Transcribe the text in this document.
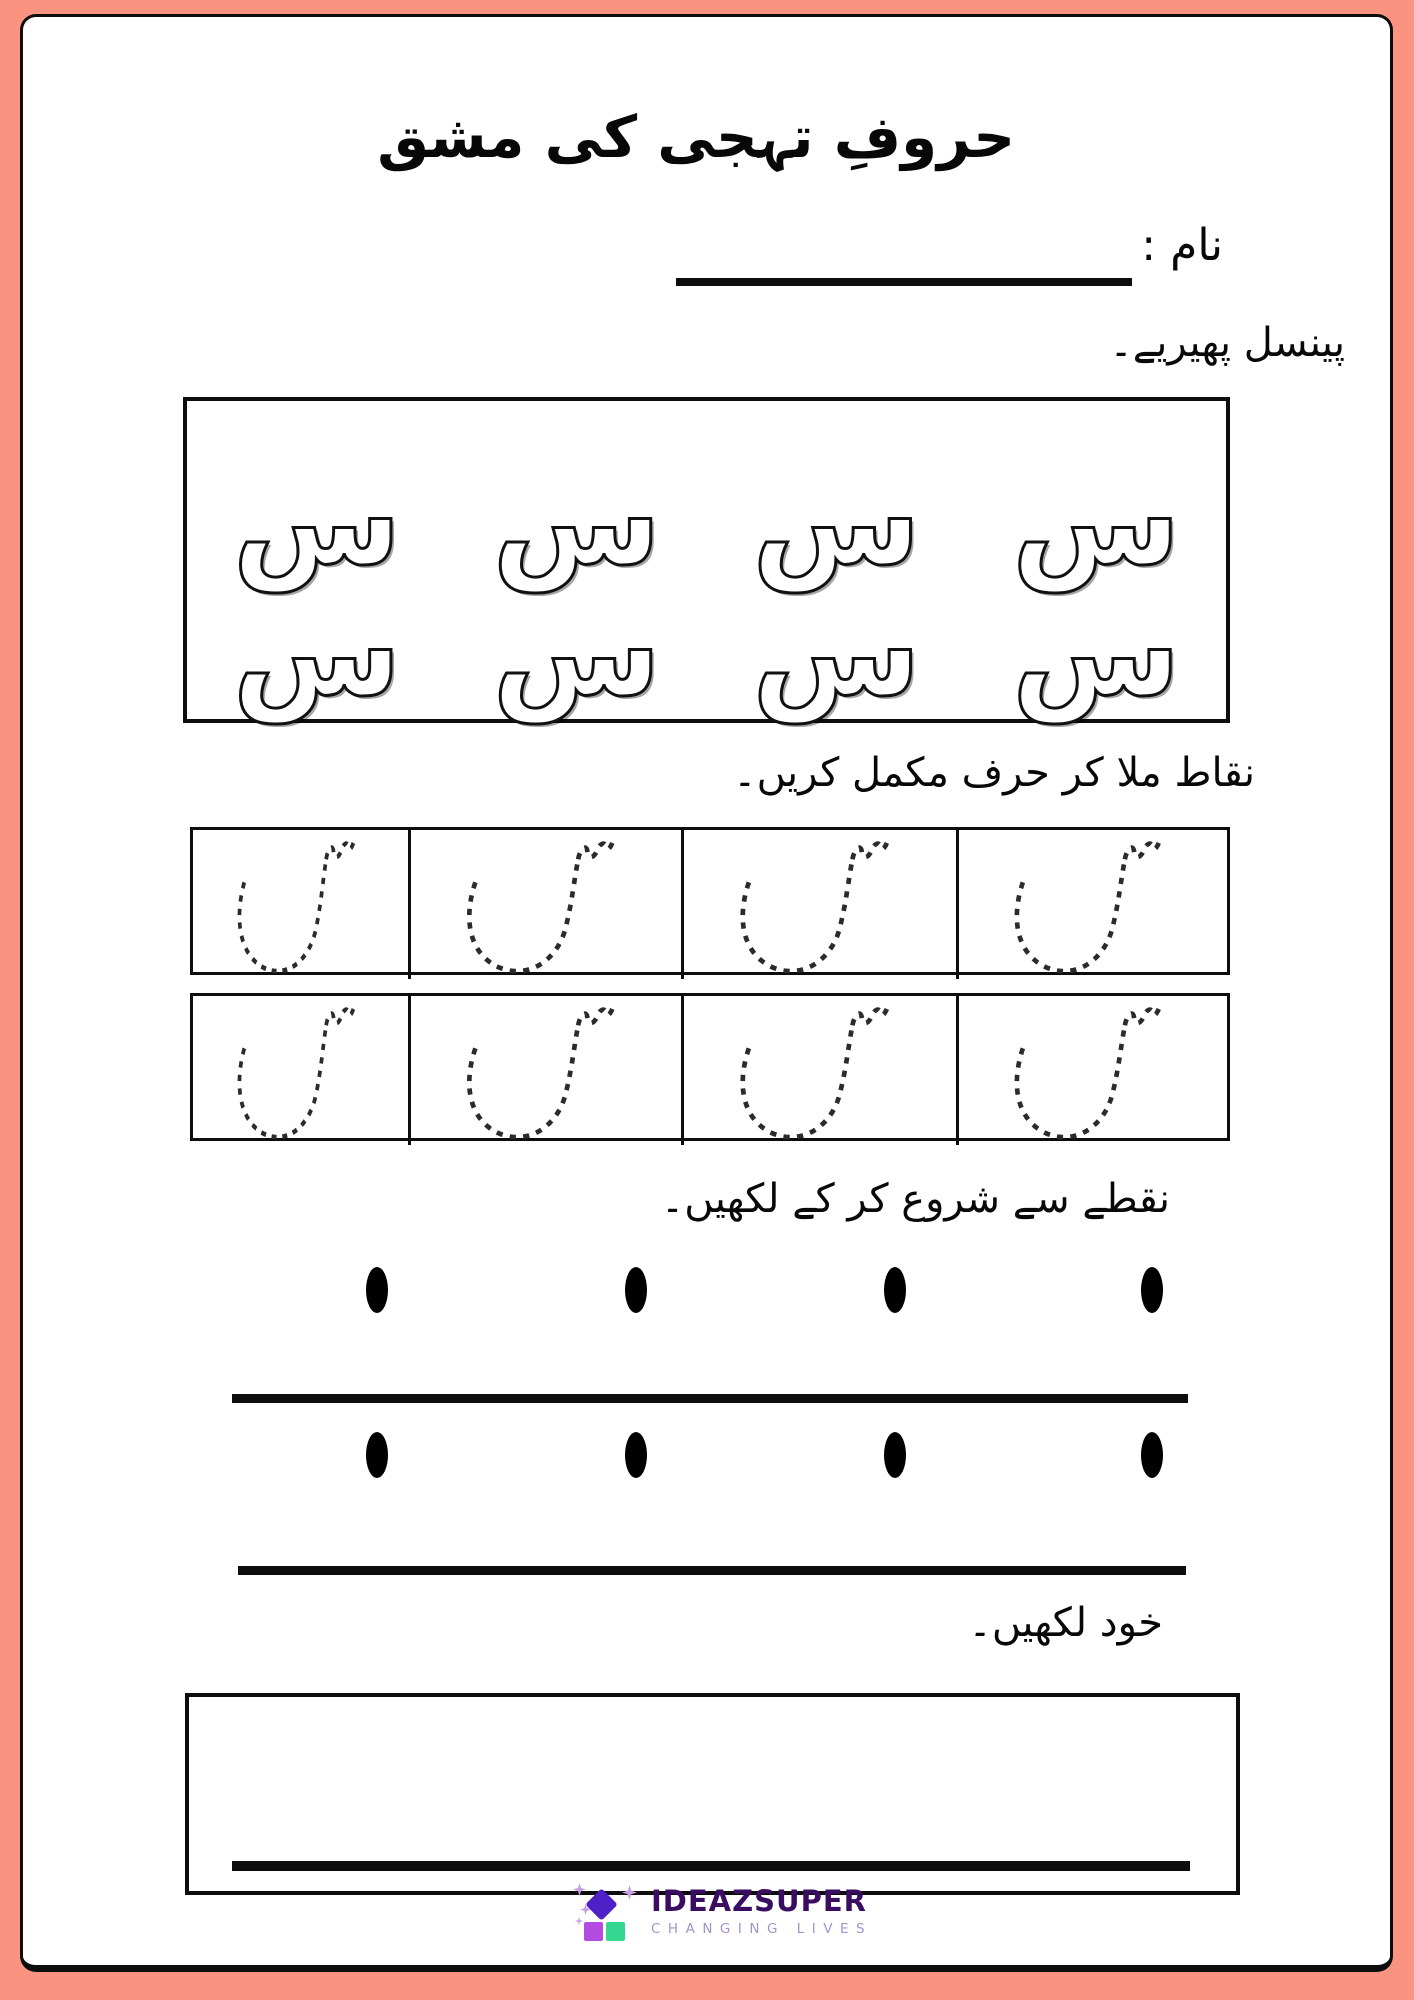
حروفِ تہجی کی مشق
نام :
پینسل پھیریے۔
س س س س
س س س س
نقاط ملا کر حرف مکمل کریں۔
نقطے سے شروع کر کے لکھیں۔
خود لکھیں۔
IDEAZSUPER
CHANGING LIVES
